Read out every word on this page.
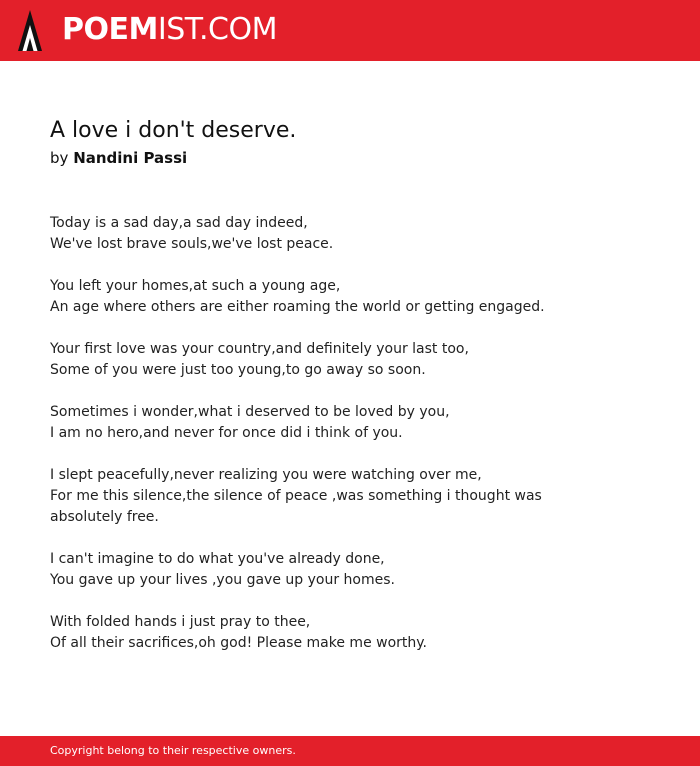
POEMIST.COM
A love i don't deserve.
by Nandini Passi

Today is a sad day,a sad day indeed,
We've lost brave souls,we've lost peace.

You left your homes,at such a young age,
An age where others are either roaming the world or getting engaged.

Your first love was your country,and definitely your last too,
Some of you were just too young,to go away so soon.

Sometimes i wonder,what i deserved to be loved by you,
I am no hero,and never for once did i think of you.

I slept peacefully,never realizing you were watching over me,
For me this silence,the silence of peace ,was something i thought was
absolutely free.

I can't imagine to do what you've already done,
You gave up your lives ,you gave up your homes.

With folded hands i just pray to thee,
Of all their sacrifices,oh god! Please make me worthy.

Copyright belong to their respective owners.
